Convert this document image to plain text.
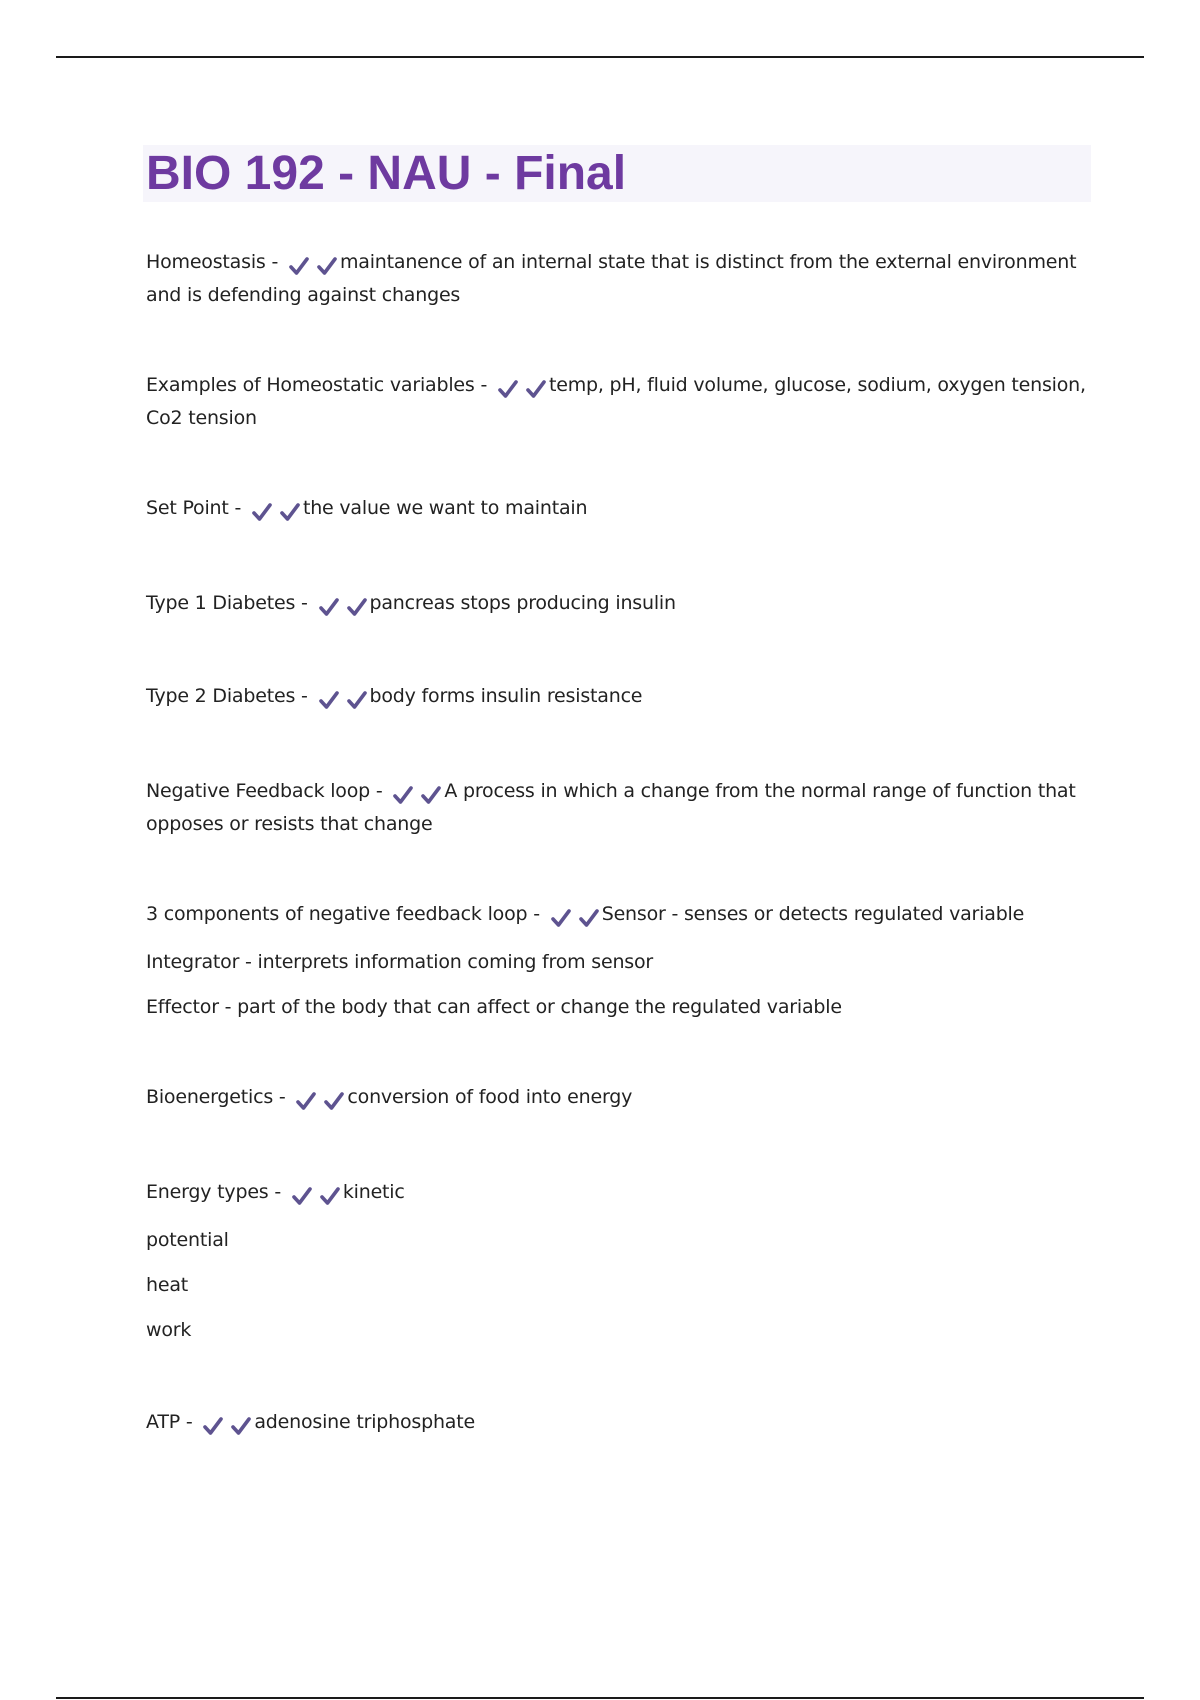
BIO 192 - NAU - Final

Homeostasis -	maintanence of an internal state that is distinct from the external environment and is defending against changes

Examples of Homeostatic variables -	temp, pH, fluid volume, glucose, sodium, oxygen tension, Co2 tension

Set Point -	the value we want to maintain

Type 1 Diabetes -	pancreas stops producing insulin

Type 2 Diabetes -	body forms insulin resistance

Negative Feedback loop -	A process in which a change from the normal range of function that opposes or resists that change

3 components of negative feedback loop -	Sensor - senses or detects regulated variable

Integrator - interprets information coming from sensor

Effector - part of the body that can affect or change the regulated variable

Bioenergetics -	conversion of food into energy

Energy types -	kinetic

potential

heat

work

ATP -	adenosine triphosphate
